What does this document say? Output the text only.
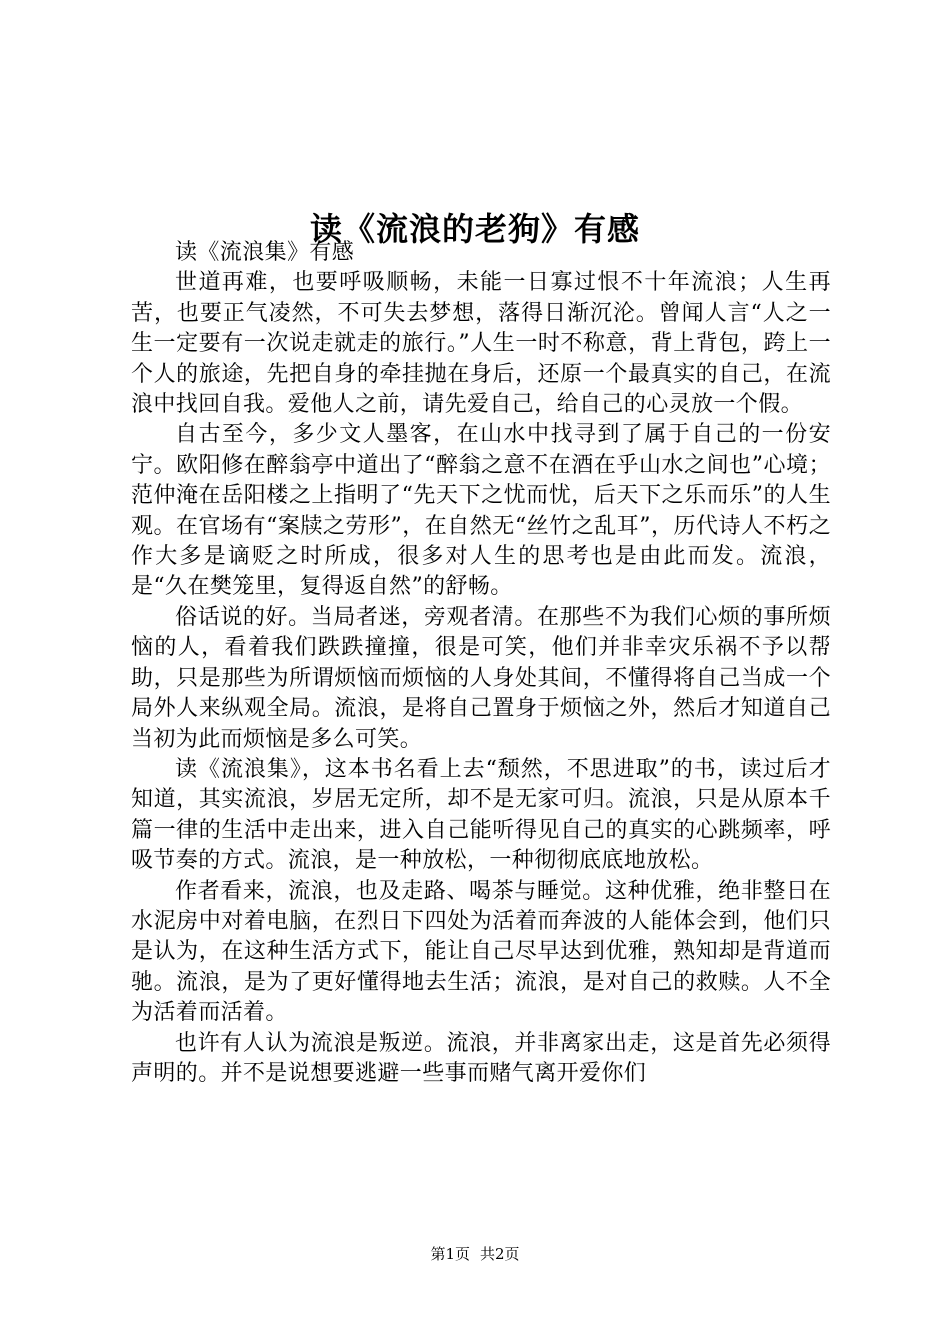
读《流浪的老狗》有感

读《流浪集》有感

世道再难，也要呼吸顺畅，未能一日寡过恨不十年流浪；人生再苦，也要正气凌然，不可失去梦想，落得日渐沉沦。曾闻人言“人之一生一定要有一次说走就走的旅行。”人生一时不称意，背上背包，跨上一个人的旅途，先把自身的牵挂抛在身后，还原一个最真实的自己，在流浪中找回自我。爱他人之前，请先爱自己，给自己的心灵放一个假。

自古至今，多少文人墨客，在山水中找寻到了属于自己的一份安宁。欧阳修在醉翁亭中道出了“醉翁之意不在酒在乎山水之间也”心境；范仲淹在岳阳楼之上指明了“先天下之忧而忧，后天下之乐而乐”的人生观。在官场有“案牍之劳形”，在自然无“丝竹之乱耳”，历代诗人不朽之作大多是谪贬之时所成，很多对人生的思考也是由此而发。流浪，是“久在樊笼里，复得返自然”的舒畅。

俗话说的好。当局者迷，旁观者清。在那些不为我们心烦的事所烦恼的人，看着我们跌跌撞撞，很是可笑，他们并非幸灾乐祸不予以帮助，只是那些为所谓烦恼而烦恼的人身处其间，不懂得将自己当成一个局外人来纵观全局。流浪，是将自己置身于烦恼之外，然后才知道自己当初为此而烦恼是多么可笑。

读《流浪集》，这本书名看上去“颓然，不思进取”的书，读过后才知道，其实流浪，岁居无定所，却不是无家可归。流浪，只是从原本千篇一律的生活中走出来，进入自己能听得见自己的真实的心跳频率，呼吸节奏的方式。流浪，是一种放松，一种彻彻底底地放松。

作者看来，流浪，也及走路、喝茶与睡觉。这种优雅，绝非整日在水泥房中对着电脑，在烈日下四处为活着而奔波的人能体会到，他们只是认为，在这种生活方式下，能让自己尽早达到优雅，熟知却是背道而驰。流浪，是为了更好懂得地去生活；流浪，是对自己的救赎。人不全为活着而活着。

也许有人认为流浪是叛逆。流浪，并非离家出走，这是首先必须得声明的。并不是说想要逃避一些事而赌气离开爱你们

第1页 共2页
